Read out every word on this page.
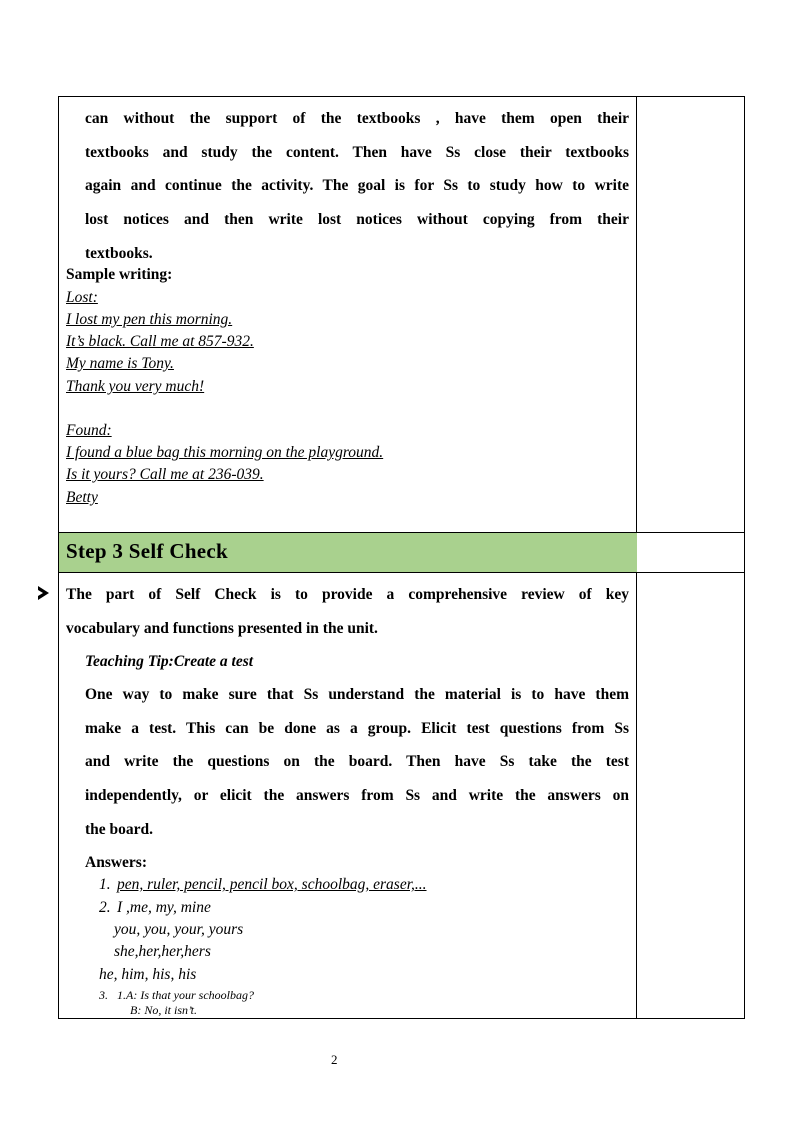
can without the support of the textbooks , have them open their
textbooks and study the content. Then have Ss close their textbooks
again and continue the activity. The goal is for Ss to study how to write
lost notices and then write lost notices without copying from their
textbooks.
Sample writing:
Lost:
I lost my pen this morning.
It’s black. Call me at 857-932.
My name is Tony.
Thank you very much!
Found:
I found a blue bag this morning on the playground.
Is it yours? Call me at 236-039.
Betty
Step 3 Self Check
The part of Self Check is to provide a comprehensive review of key
vocabulary and functions presented in the unit.
Teaching Tip:Create a test
One way to make sure that Ss understand the material is to have them
make a test. This can be done as a group. Elicit test questions from Ss
and write the questions on the board. Then have Ss take the test
independently, or elicit the answers from Ss and write the answers on
the board.
Answers:
1. pen, ruler, pencil, pencil box, schoolbag, eraser,...
2. I ,me, my, mine
you, you, your, yours
she,her,her,hers
he, him, his, his
3. 1.A: Is that your schoolbag?
B: No, it isn’t.
2
